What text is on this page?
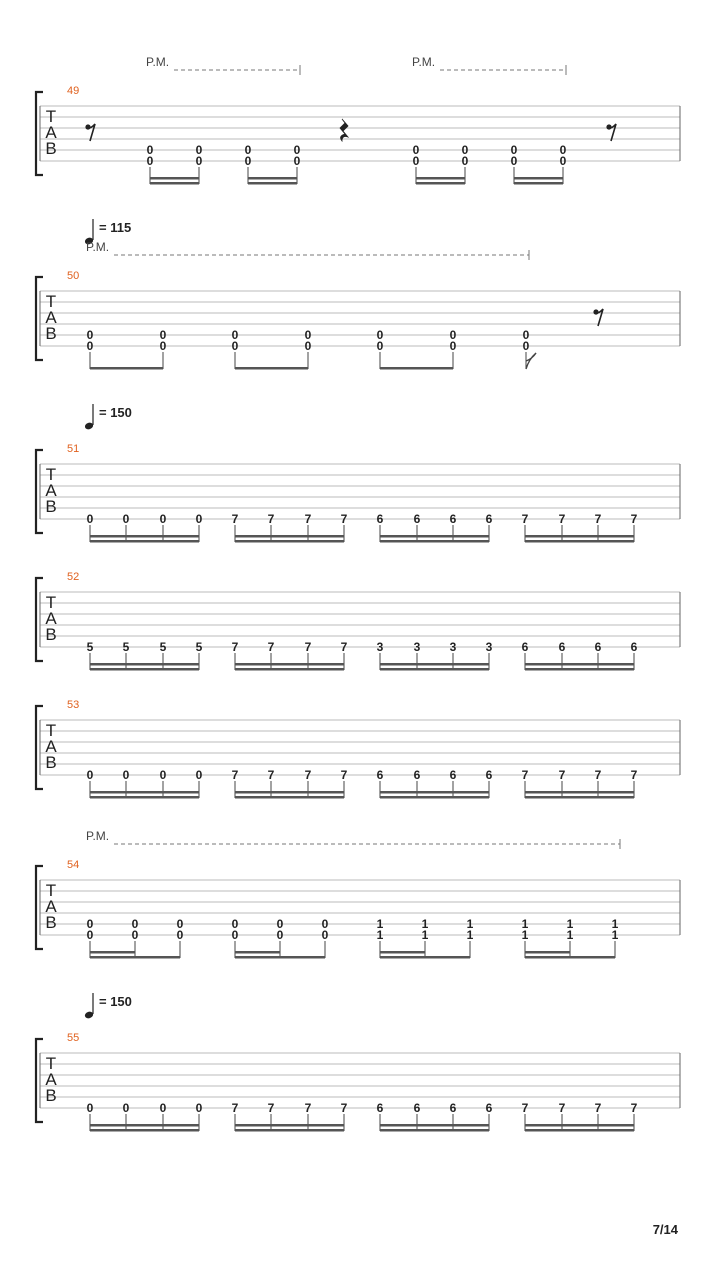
7/14
T
A
B
49
P.M.	P.M.
0
0
0
0
0
0
0
0
0
0
0
0
0
0
0
0
T
A
B
50
= 115
P.M.
0
0
0
0
0
0
0
0
0
0
0
0
0
0
T
A
B
51
= 150
0 0	0 0 7 7	7 7 6	6 6 6 7	7 7 7
T
A
B
52
5 5	5 5 7 7	7 7 3	3 3 3 6	6 6 6
T
A
B
53
0 0	0 0 7 7	7 7 6	6 6 6 7	7 7 7
T
A
B
54
P.M.
0
0
0
0
0
0
0
0
0
0
0
0
1
1
1
1
1
1
1
1
1
1
1
1
T
A
B
55
= 150
0 0	0 0 7 7	7 7 6	6 6 6 7	7 7 7
